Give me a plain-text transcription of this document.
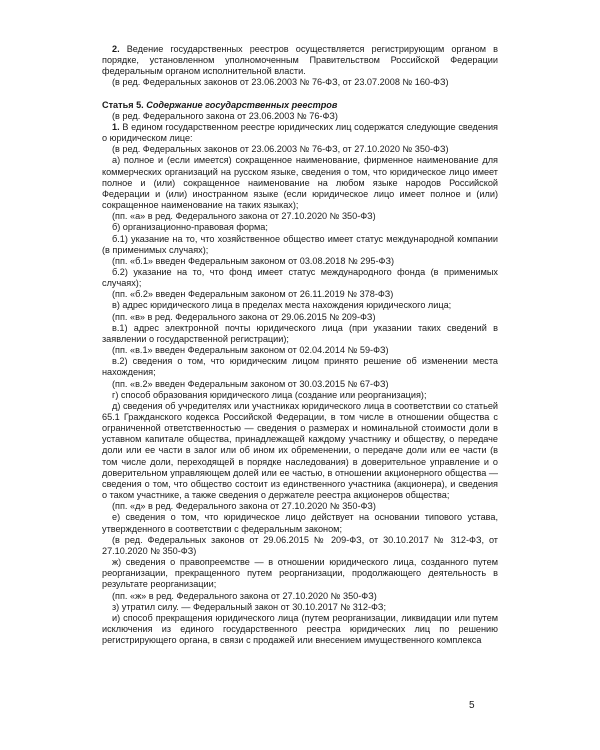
2. Ведение государственных реестров осуществляется регистрирующим органом в порядке, установленном уполномоченным Правительством Российской Федерации федеральным органом исполнительной власти.

(в ред. Федеральных законов от 23.06.2003 № 76-ФЗ, от 23.07.2008 № 160-ФЗ)

Статья 5. Содержание государственных реестров

(в ред. Федерального закона от 23.06.2003 № 76-ФЗ)

1. В едином государственном реестре юридических лиц содержатся следующие сведения о юридическом лице:

(в ред. Федеральных законов от 23.06.2003 № 76-ФЗ, от 27.10.2020 № 350-ФЗ)

а) полное и (если имеется) сокращенное наименование, фирменное наименование для коммерческих организаций на русском языке, сведения о том, что юридическое лицо имеет полное и (или) сокращенное наименование на любом языке народов Российской Федерации и (или) иностранном языке (если юридическое лицо имеет полное и (или) сокращенное наименование на таких языках);

(пп. «а» в ред. Федерального закона от 27.10.2020 № 350-ФЗ)

б) организационно-правовая форма;

б.1) указание на то, что хозяйственное общество имеет статус международной компании (в применимых случаях);

(пп. «б.1» введен Федеральным законом от 03.08.2018 № 295-ФЗ)

б.2) указание на то, что фонд имеет статус международного фонда (в применимых случаях);

(пп. «б.2» введен Федеральным законом от 26.11.2019 № 378-ФЗ)

в) адрес юридического лица в пределах места нахождения юридического лица;

(пп. «в» в ред. Федерального закона от 29.06.2015 № 209-ФЗ)

в.1) адрес электронной почты юридического лица (при указании таких сведений в заявлении о государственной регистрации);

(пп. «в.1» введен Федеральным законом от 02.04.2014 № 59-ФЗ)

в.2) сведения о том, что юридическим лицом принято решение об изменении места нахождения;

(пп. «в.2» введен Федеральным законом от 30.03.2015 № 67-ФЗ)

г) способ образования юридического лица (создание или реорганизация);

д) сведения об учредителях или участниках юридического лица в соответствии со статьей 65.1 Гражданского кодекса Российской Федерации, в том числе в отношении общества с ограниченной ответственностью — сведения о размерах и номинальной стоимости доли в уставном капитале общества, принадлежащей каждому участнику и обществу, о передаче доли или ее части в залог или об ином их обременении, о передаче доли или ее части (в том числе доли, переходящей в порядке наследования) в доверительное управление и о доверительном управляющем долей или ее частью, в отношении акционерного общества — сведения о том, что общество состоит из единственного участника (акционера), и сведения о таком участнике, а также сведения о держателе реестра акционеров общества;

(пп. «д» в ред. Федерального закона от 27.10.2020 № 350-ФЗ)

е) сведения о том, что юридическое лицо действует на основании типового устава, утвержденного в соответствии с федеральным законом;

(в ред. Федеральных законов от 29.06.2015 № 209-ФЗ, от 30.10.2017 № 312-ФЗ, от 27.10.2020 № 350-ФЗ)

ж) сведения о правопреемстве — в отношении юридического лица, созданного путем реорганизации, прекращенного путем реорганизации, продолжающего деятельность в результате реорганизации;

(пп. «ж» в ред. Федерального закона от 27.10.2020 № 350-ФЗ)

з) утратил силу. — Федеральный закон от 30.10.2017 № 312-ФЗ;

и) способ прекращения юридического лица (путем реорганизации, ликвидации или путем исключения из единого государственного реестра юридических лиц по решению регистрирующего органа, в связи с продажей или внесением имущественного комплекса

5
